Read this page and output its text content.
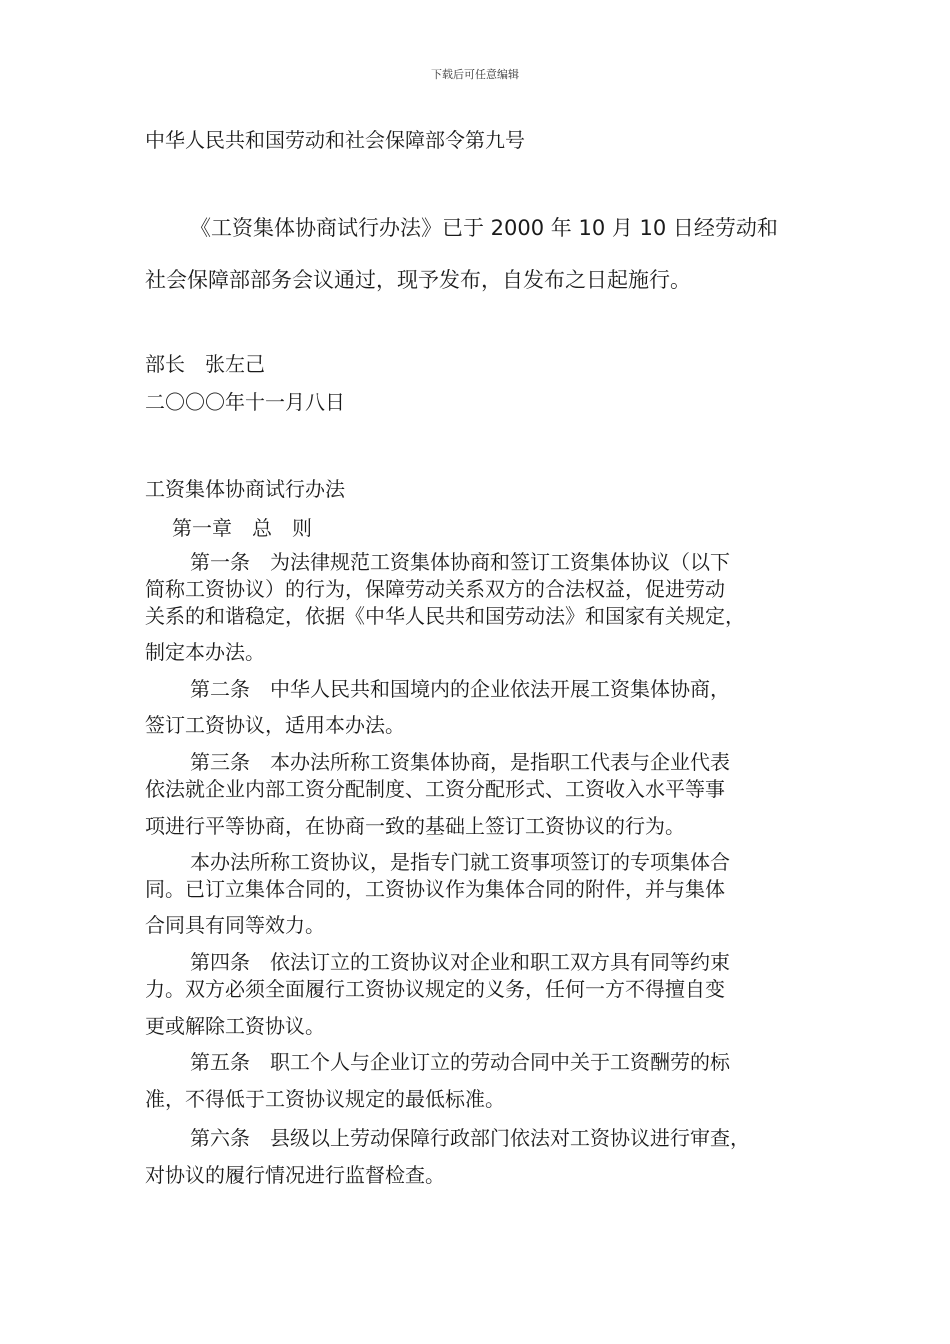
下载后可任意编辑
中华人民共和国劳动和社会保障部令第九号
《工资集体协商试行办法》已于 2000 年 10 月 10 日经劳动和
社会保障部部务会议通过，现予发布，自发布之日起施行。
部长　张左己
二〇〇〇年十一月八日
工资集体协商试行办法
第一章　总　则
第一条　为法律规范工资集体协商和签订工资集体协议（以下
简称工资协议）的行为，保障劳动关系双方的合法权益，促进劳动
关系的和谐稳定，依据《中华人民共和国劳动法》和国家有关规定，
制定本办法。
第二条　中华人民共和国境内的企业依法开展工资集体协商，
签订工资协议，适用本办法。
第三条　本办法所称工资集体协商，是指职工代表与企业代表
依法就企业内部工资分配制度、工资分配形式、工资收入水平等事
项进行平等协商，在协商一致的基础上签订工资协议的行为。
本办法所称工资协议，是指专门就工资事项签订的专项集体合
同。已订立集体合同的，工资协议作为集体合同的附件，并与集体
合同具有同等效力。
第四条　依法订立的工资协议对企业和职工双方具有同等约束
力。双方必须全面履行工资协议规定的义务，任何一方不得擅自变
更或解除工资协议。
第五条　职工个人与企业订立的劳动合同中关于工资酬劳的标
准，不得低于工资协议规定的最低标准。
第六条　县级以上劳动保障行政部门依法对工资协议进行审查，
对协议的履行情况进行监督检查。
